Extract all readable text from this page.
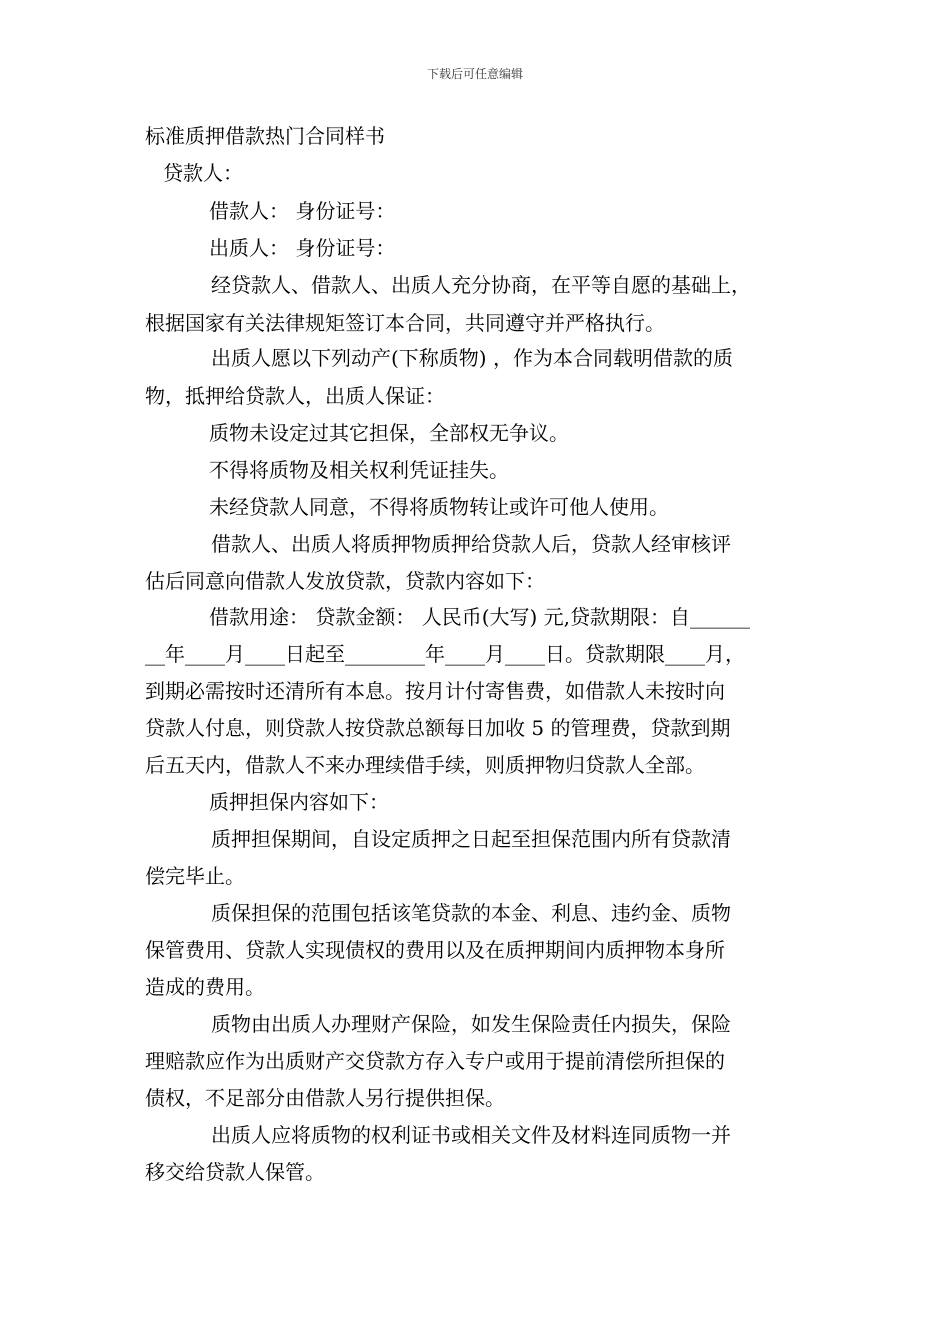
下载后可任意编辑
标准质押借款热门合同样书
贷款人：
借款人： 身份证号：
出质人： 身份证号：
经贷款人、借款人、出质人充分协商，在平等自愿的基础上，
根据国家有关法律规矩签订本合同，共同遵守并严格执行。
出质人愿以下列动产(下称质物) ，作为本合同载明借款的质
物，抵押给贷款人，出质人保证：
质物未设定过其它担保，全部权无争议。
不得将质物及相关权利凭证挂失。
未经贷款人同意，不得将质物转让或许可他人使用。
借款人、出质人将质押物质押给贷款人后，贷款人经审核评
估后同意向借款人发放贷款，贷款内容如下：
借款用途： 贷款金额： 人民币(大写) 元,贷款期限：自______
__年____月____日起至________年____月____日。贷款期限____月，
到期必需按时还清所有本息。按月计付寄售费，如借款人未按时向
贷款人付息，则贷款人按贷款总额每日加收 5 的管理费，贷款到期
后五天内，借款人不来办理续借手续，则质押物归贷款人全部。
质押担保内容如下：
质押担保期间，自设定质押之日起至担保范围内所有贷款清
偿完毕止。
质保担保的范围包括该笔贷款的本金、利息、违约金、质物
保管费用、贷款人实现债权的费用以及在质押期间内质押物本身所
造成的费用。
质物由出质人办理财产保险，如发生保险责任内损失，保险
理赔款应作为出质财产交贷款方存入专户或用于提前清偿所担保的
债权，不足部分由借款人另行提供担保。
出质人应将质物的权利证书或相关文件及材料连同质物一并
移交给贷款人保管。
